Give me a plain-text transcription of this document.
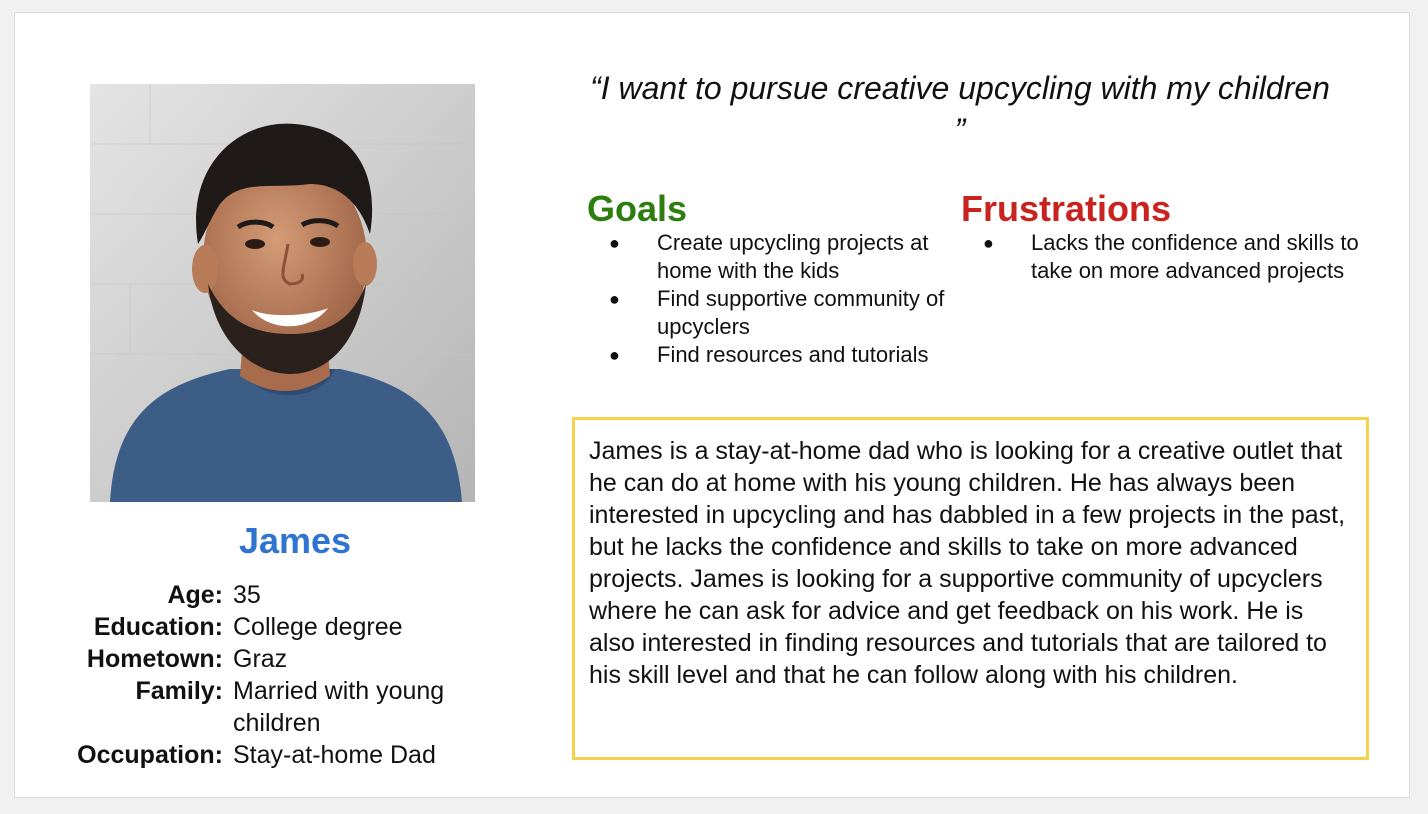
James
Age: 35
Education: College degree
Hometown: Graz
Family: Married with young children
Occupation: Stay-at-home Dad
“I want to pursue creative upcycling with my children ”
Goals
● Create upcycling projects at home with the kids
● Find supportive community of upcyclers
● Find resources and tutorials
Frustrations
● Lacks the confidence and skills to take on more advanced projects
James is a stay-at-home dad who is looking for a creative outlet that he can do at home with his young children. He has always been interested in upcycling and has dabbled in a few projects in the past, but he lacks the confidence and skills to take on more advanced projects. James is looking for a supportive community of upcyclers where he can ask for advice and get feedback on his work. He is also interested in finding resources and tutorials that are tailored to his skill level and that he can follow along with his children.
